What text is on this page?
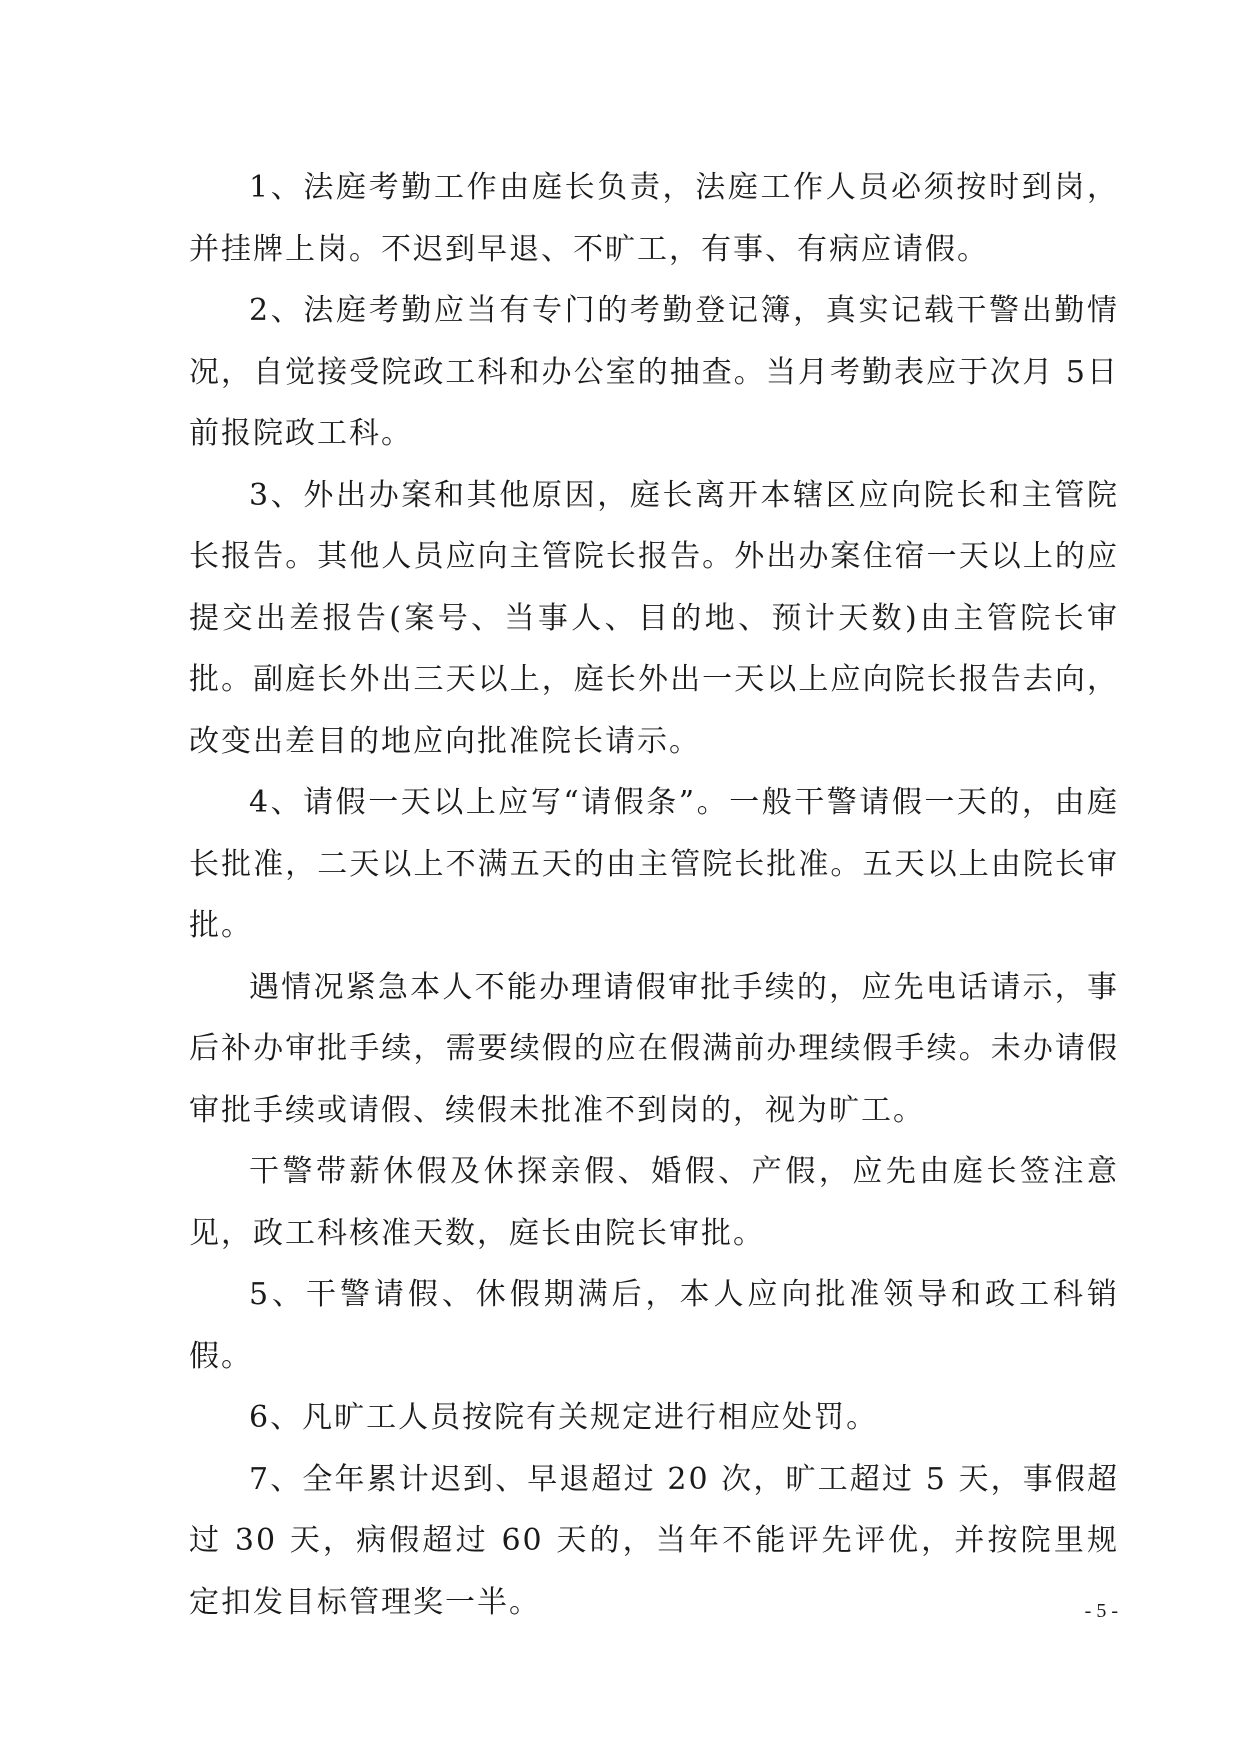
1、法庭考勤工作由庭长负责，法庭工作人员必须按时到岗，并挂牌上岗。不迟到早退、不旷工，有事、有病应请假。

2、法庭考勤应当有专门的考勤登记簿，真实记载干警出勤情况，自觉接受院政工科和办公室的抽查。当月考勤表应于次月 5日前报院政工科。

3、外出办案和其他原因，庭长离开本辖区应向院长和主管院长报告。其他人员应向主管院长报告。外出办案住宿一天以上的应提交出差报告(案号、当事人、目的地、预计天数)由主管院长审批。副庭长外出三天以上，庭长外出一天以上应向院长报告去向，改变出差目的地应向批准院长请示。

4、请假一天以上应写“请假条”。一般干警请假一天的，由庭长批准，二天以上不满五天的由主管院长批准。五天以上由院长审批。

遇情况紧急本人不能办理请假审批手续的，应先电话请示，事后补办审批手续，需要续假的应在假满前办理续假手续。未办请假审批手续或请假、续假未批准不到岗的，视为旷工。

干警带薪休假及休探亲假、婚假、产假，应先由庭长签注意见，政工科核准天数，庭长由院长审批。

5、干警请假、休假期满后，本人应向批准领导和政工科销假。

6、凡旷工人员按院有关规定进行相应处罚。

7、全年累计迟到、早退超过 20 次，旷工超过 5 天，事假超过 30 天，病假超过 60 天的，当年不能评先评优，并按院里规定扣发目标管理奖一半。	- 5 -
